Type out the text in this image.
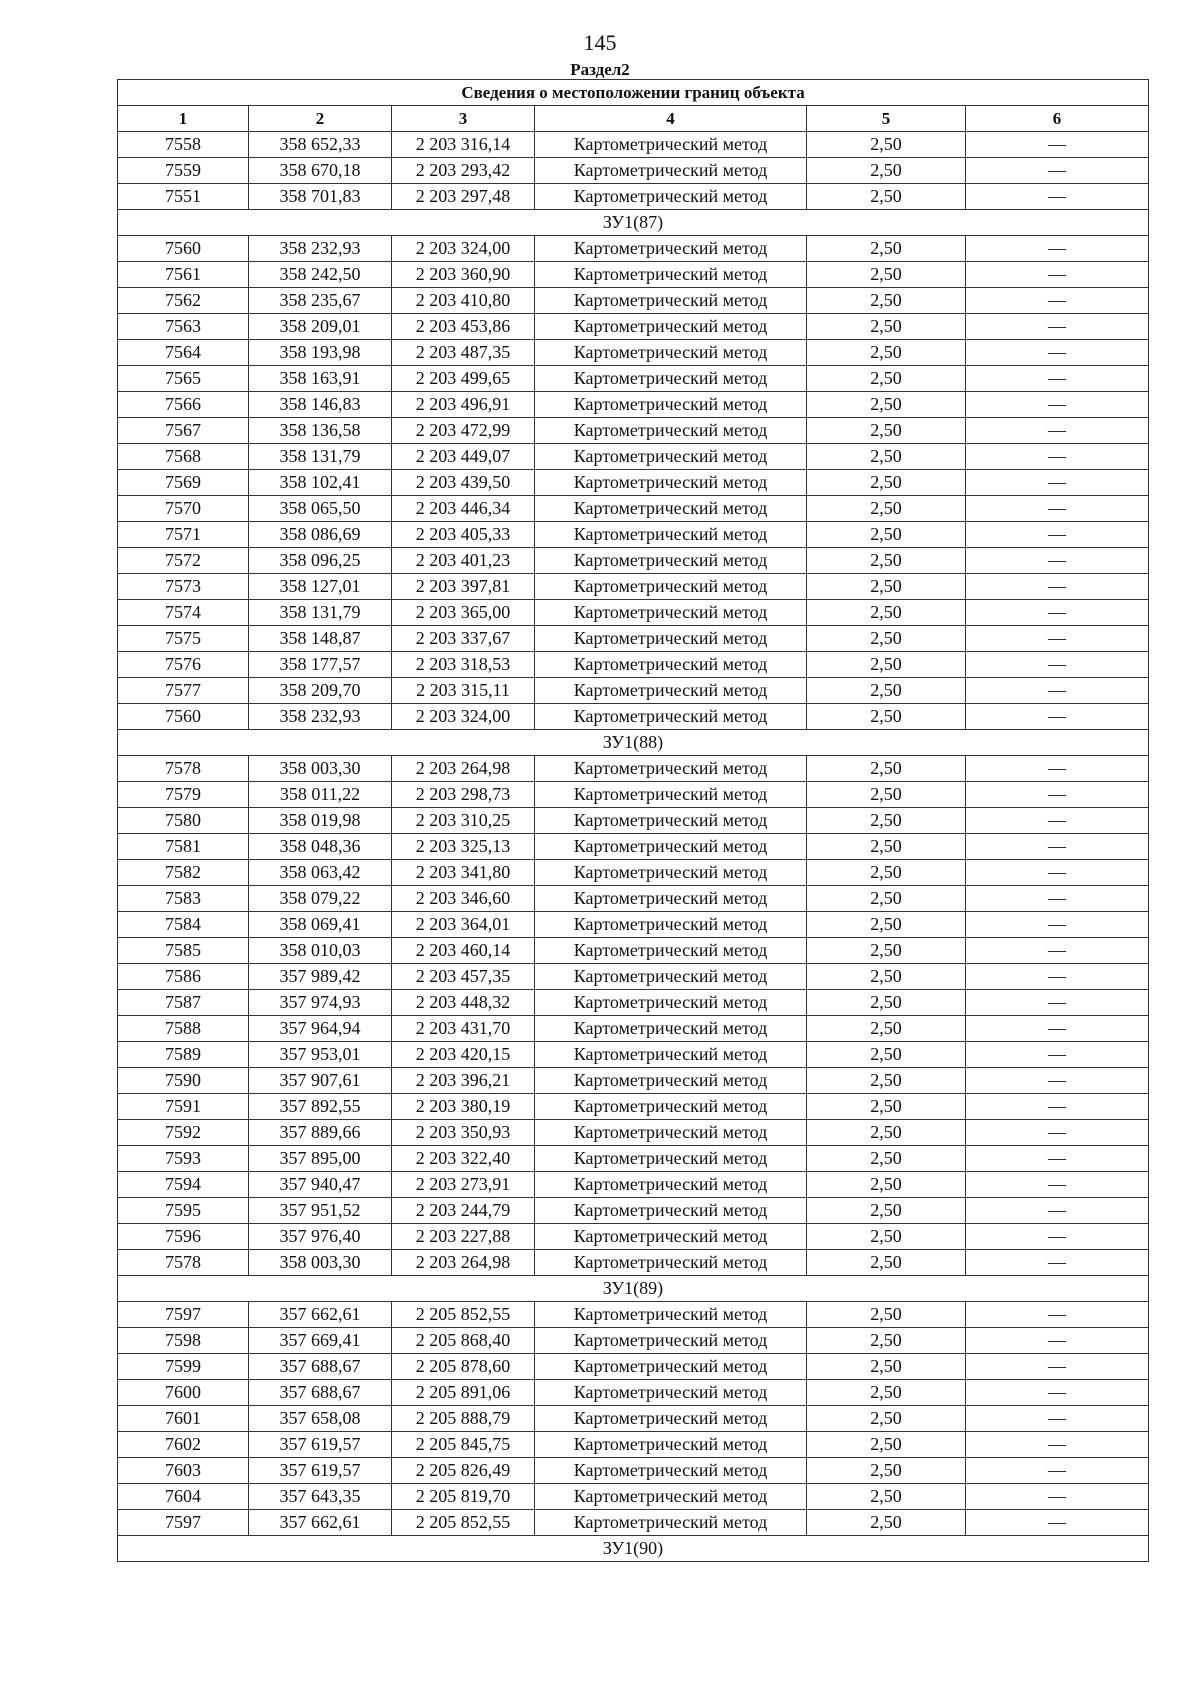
145
Раздел2
Сведения о местоположении границ объекта					
1	2	3	4	5	6
7558	358 652,33	2 203 316,14	Картометрический метод	2,50	—
7559	358 670,18	2 203 293,42	Картометрический метод	2,50	—
7551	358 701,83	2 203 297,48	Картометрический метод	2,50	—
ЗУ1(87)					
7560	358 232,93	2 203 324,00	Картометрический метод	2,50	—
7561	358 242,50	2 203 360,90	Картометрический метод	2,50	—
7562	358 235,67	2 203 410,80	Картометрический метод	2,50	—
7563	358 209,01	2 203 453,86	Картометрический метод	2,50	—
7564	358 193,98	2 203 487,35	Картометрический метод	2,50	—
7565	358 163,91	2 203 499,65	Картометрический метод	2,50	—
7566	358 146,83	2 203 496,91	Картометрический метод	2,50	—
7567	358 136,58	2 203 472,99	Картометрический метод	2,50	—
7568	358 131,79	2 203 449,07	Картометрический метод	2,50	—
7569	358 102,41	2 203 439,50	Картометрический метод	2,50	—
7570	358 065,50	2 203 446,34	Картометрический метод	2,50	—
7571	358 086,69	2 203 405,33	Картометрический метод	2,50	—
7572	358 096,25	2 203 401,23	Картометрический метод	2,50	—
7573	358 127,01	2 203 397,81	Картометрический метод	2,50	—
7574	358 131,79	2 203 365,00	Картометрический метод	2,50	—
7575	358 148,87	2 203 337,67	Картометрический метод	2,50	—
7576	358 177,57	2 203 318,53	Картометрический метод	2,50	—
7577	358 209,70	2 203 315,11	Картометрический метод	2,50	—
7560	358 232,93	2 203 324,00	Картометрический метод	2,50	—
ЗУ1(88)					
7578	358 003,30	2 203 264,98	Картометрический метод	2,50	—
7579	358 011,22	2 203 298,73	Картометрический метод	2,50	—
7580	358 019,98	2 203 310,25	Картометрический метод	2,50	—
7581	358 048,36	2 203 325,13	Картометрический метод	2,50	—
7582	358 063,42	2 203 341,80	Картометрический метод	2,50	—
7583	358 079,22	2 203 346,60	Картометрический метод	2,50	—
7584	358 069,41	2 203 364,01	Картометрический метод	2,50	—
7585	358 010,03	2 203 460,14	Картометрический метод	2,50	—
7586	357 989,42	2 203 457,35	Картометрический метод	2,50	—
7587	357 974,93	2 203 448,32	Картометрический метод	2,50	—
7588	357 964,94	2 203 431,70	Картометрический метод	2,50	—
7589	357 953,01	2 203 420,15	Картометрический метод	2,50	—
7590	357 907,61	2 203 396,21	Картометрический метод	2,50	—
7591	357 892,55	2 203 380,19	Картометрический метод	2,50	—
7592	357 889,66	2 203 350,93	Картометрический метод	2,50	—
7593	357 895,00	2 203 322,40	Картометрический метод	2,50	—
7594	357 940,47	2 203 273,91	Картометрический метод	2,50	—
7595	357 951,52	2 203 244,79	Картометрический метод	2,50	—
7596	357 976,40	2 203 227,88	Картометрический метод	2,50	—
7578	358 003,30	2 203 264,98	Картометрический метод	2,50	—
ЗУ1(89)					
7597	357 662,61	2 205 852,55	Картометрический метод	2,50	—
7598	357 669,41	2 205 868,40	Картометрический метод	2,50	—
7599	357 688,67	2 205 878,60	Картометрический метод	2,50	—
7600	357 688,67	2 205 891,06	Картометрический метод	2,50	—
7601	357 658,08	2 205 888,79	Картометрический метод	2,50	—
7602	357 619,57	2 205 845,75	Картометрический метод	2,50	—
7603	357 619,57	2 205 826,49	Картометрический метод	2,50	—
7604	357 643,35	2 205 819,70	Картометрический метод	2,50	—
7597	357 662,61	2 205 852,55	Картометрический метод	2,50	—
ЗУ1(90)					
